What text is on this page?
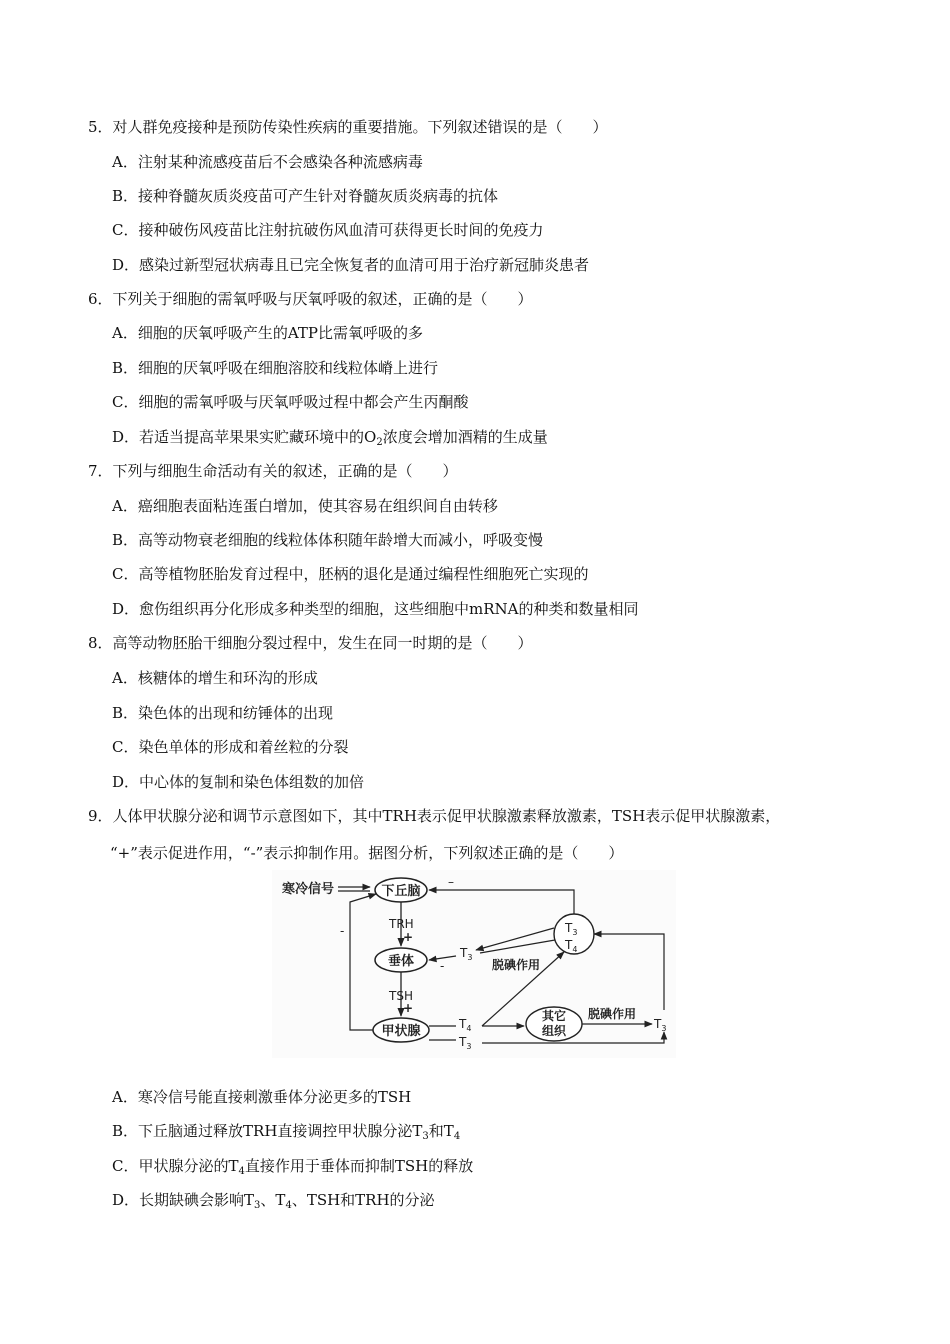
5．对人群免疫接种是预防传染性疾病的重要措施。下列叙述错误的是（　　）
A．注射某种流感疫苗后不会感染各种流感病毒
B．接种脊髓灰质炎疫苗可产生针对脊髓灰质炎病毒的抗体
C．接种破伤风疫苗比注射抗破伤风血清可获得更长时间的免疫力
D．感染过新型冠状病毒且已完全恢复者的血清可用于治疗新冠肺炎患者
6．下列关于细胞的需氧呼吸与厌氧呼吸的叙述，正确的是（　　）
A．细胞的厌氧呼吸产生的ATP比需氧呼吸的多
B．细胞的厌氧呼吸在细胞溶胶和线粒体嵴上进行
C．细胞的需氧呼吸与厌氧呼吸过程中都会产生丙酮酸
D．若适当提高苹果果实贮藏环境中的$O_2$浓度会增加酒精的生成量
7．下列与细胞生命活动有关的叙述，正确的是（　　）
A．癌细胞表面粘连蛋白增加，使其容易在组织间自由转移
B．高等动物衰老细胞的线粒体体积随年龄增大而减小，呼吸变慢
C．高等植物胚胎发育过程中，胚柄的退化是通过编程性细胞死亡实现的
D．愈伤组织再分化形成多种类型的细胞，这些细胞中mRNA的种类和数量相同
8．高等动物胚胎干细胞分裂过程中，发生在同一时期的是（　　）
A．核糖体的增生和环沟的形成
B．染色体的出现和纺锤体的出现
C．染色单体的形成和着丝粒的分裂
D．中心体的复制和染色体组数的加倍
9．人体甲状腺分泌和调节示意图如下，其中TRH表示促甲状腺激素释放激素，TSH表示促甲状腺激素，
“+”表示促进作用，“-”表示抑制作用。据图分析，下列叙述正确的是（　　）
寒冷信号	下丘脑
TRH
+
垂体
TSH
+
甲状腺
-	$T_3$
$T_4$
–
$T_3$
脱碘作用
-
$T_4$
$T_3$
其它
组织
脱碘作用
$T_3$
A．寒冷信号能直接刺激垂体分泌更多的TSH
B．下丘脑通过释放TRH直接调控甲状腺分泌$T_3$和$T_4$
C．甲状腺分泌的$T_4$直接作用于垂体而抑制TSH的释放
D．长期缺碘会影响$T_3$、$T_4$、TSH和TRH的分泌
